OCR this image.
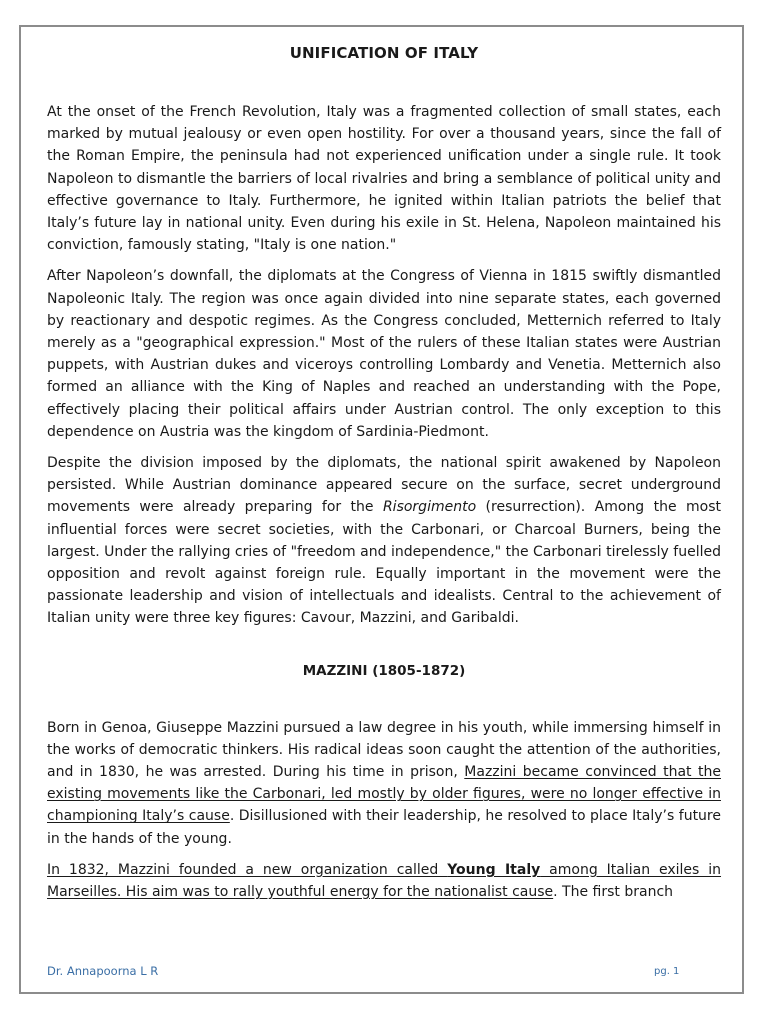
UNIFICATION OF ITALY

At the onset of the French Revolution, Italy was a fragmented collection of small states, each marked by mutual jealousy or even open hostility. For over a thousand years, since the fall of the Roman Empire, the peninsula had not experienced unification under a single rule. It took Napoleon to dismantle the barriers of local rivalries and bring a semblance of political unity and effective governance to Italy. Furthermore, he ignited within Italian patriots the belief that Italy’s future lay in national unity. Even during his exile in St. Helena, Napoleon maintained his conviction, famously stating, "Italy is one nation."

After Napoleon’s downfall, the diplomats at the Congress of Vienna in 1815 swiftly dismantled Napoleonic Italy. The region was once again divided into nine separate states, each governed by reactionary and despotic regimes. As the Congress concluded, Metternich referred to Italy merely as a "geographical expression." Most of the rulers of these Italian states were Austrian puppets, with Austrian dukes and viceroys controlling Lombardy and Venetia. Metternich also formed an alliance with the King of Naples and reached an understanding with the Pope, effectively placing their political affairs under Austrian control. The only exception to this dependence on Austria was the kingdom of Sardinia-Piedmont.

Despite the division imposed by the diplomats, the national spirit awakened by Napoleon persisted. While Austrian dominance appeared secure on the surface, secret underground movements were already preparing for the Risorgimento (resurrection). Among the most influential forces were secret societies, with the Carbonari, or Charcoal Burners, being the largest. Under the rallying cries of "freedom and independence," the Carbonari tirelessly fuelled opposition and revolt against foreign rule. Equally important in the movement were the passionate leadership and vision of intellectuals and idealists. Central to the achievement of Italian unity were three key figures: Cavour, Mazzini, and Garibaldi.

MAZZINI (1805-1872)

Born in Genoa, Giuseppe Mazzini pursued a law degree in his youth, while immersing himself in the works of democratic thinkers. His radical ideas soon caught the attention of the authorities, and in 1830, he was arrested. During his time in prison, Mazzini became convinced that the existing movements like the Carbonari, led mostly by older figures, were no longer effective in championing Italy’s cause. Disillusioned with their leadership, he resolved to place Italy’s future in the hands of the young.

In 1832, Mazzini founded a new organization called Young Italy among Italian exiles in Marseilles. His aim was to rally youthful energy for the nationalist cause. The first branch

Dr. Annapoorna L R	pg. 1
